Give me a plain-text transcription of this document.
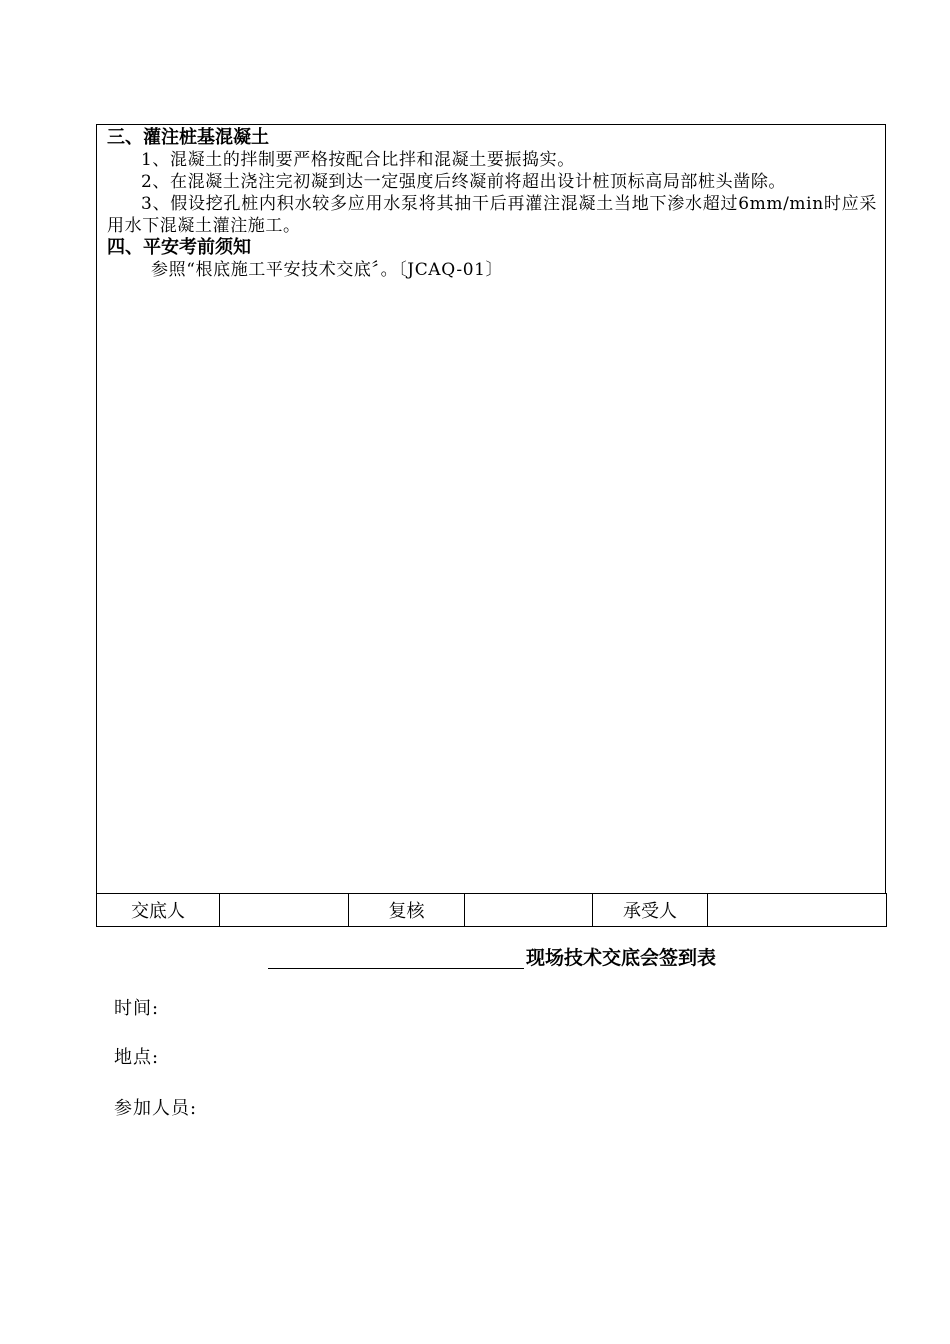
三、灌注桩基混凝土

1、混凝土的拌制要严格按配合比拌和混凝土要振捣实。

2、在混凝土浇注完初凝到达一定强度后终凝前将超出设计桩顶标高局部桩头凿除。

3、假设挖孔桩内积水较多应用水泵将其抽干后再灌注混凝土当地下渗水超过6mm/min时应采用水下混凝土灌注施工。

四、平安考前须知

参照“根底施工平安技术交底〞。〔JCAQ-01〕

交底人		复核		承受人	
现场技术交底会签到表
时间:
地点:
参加人员:
